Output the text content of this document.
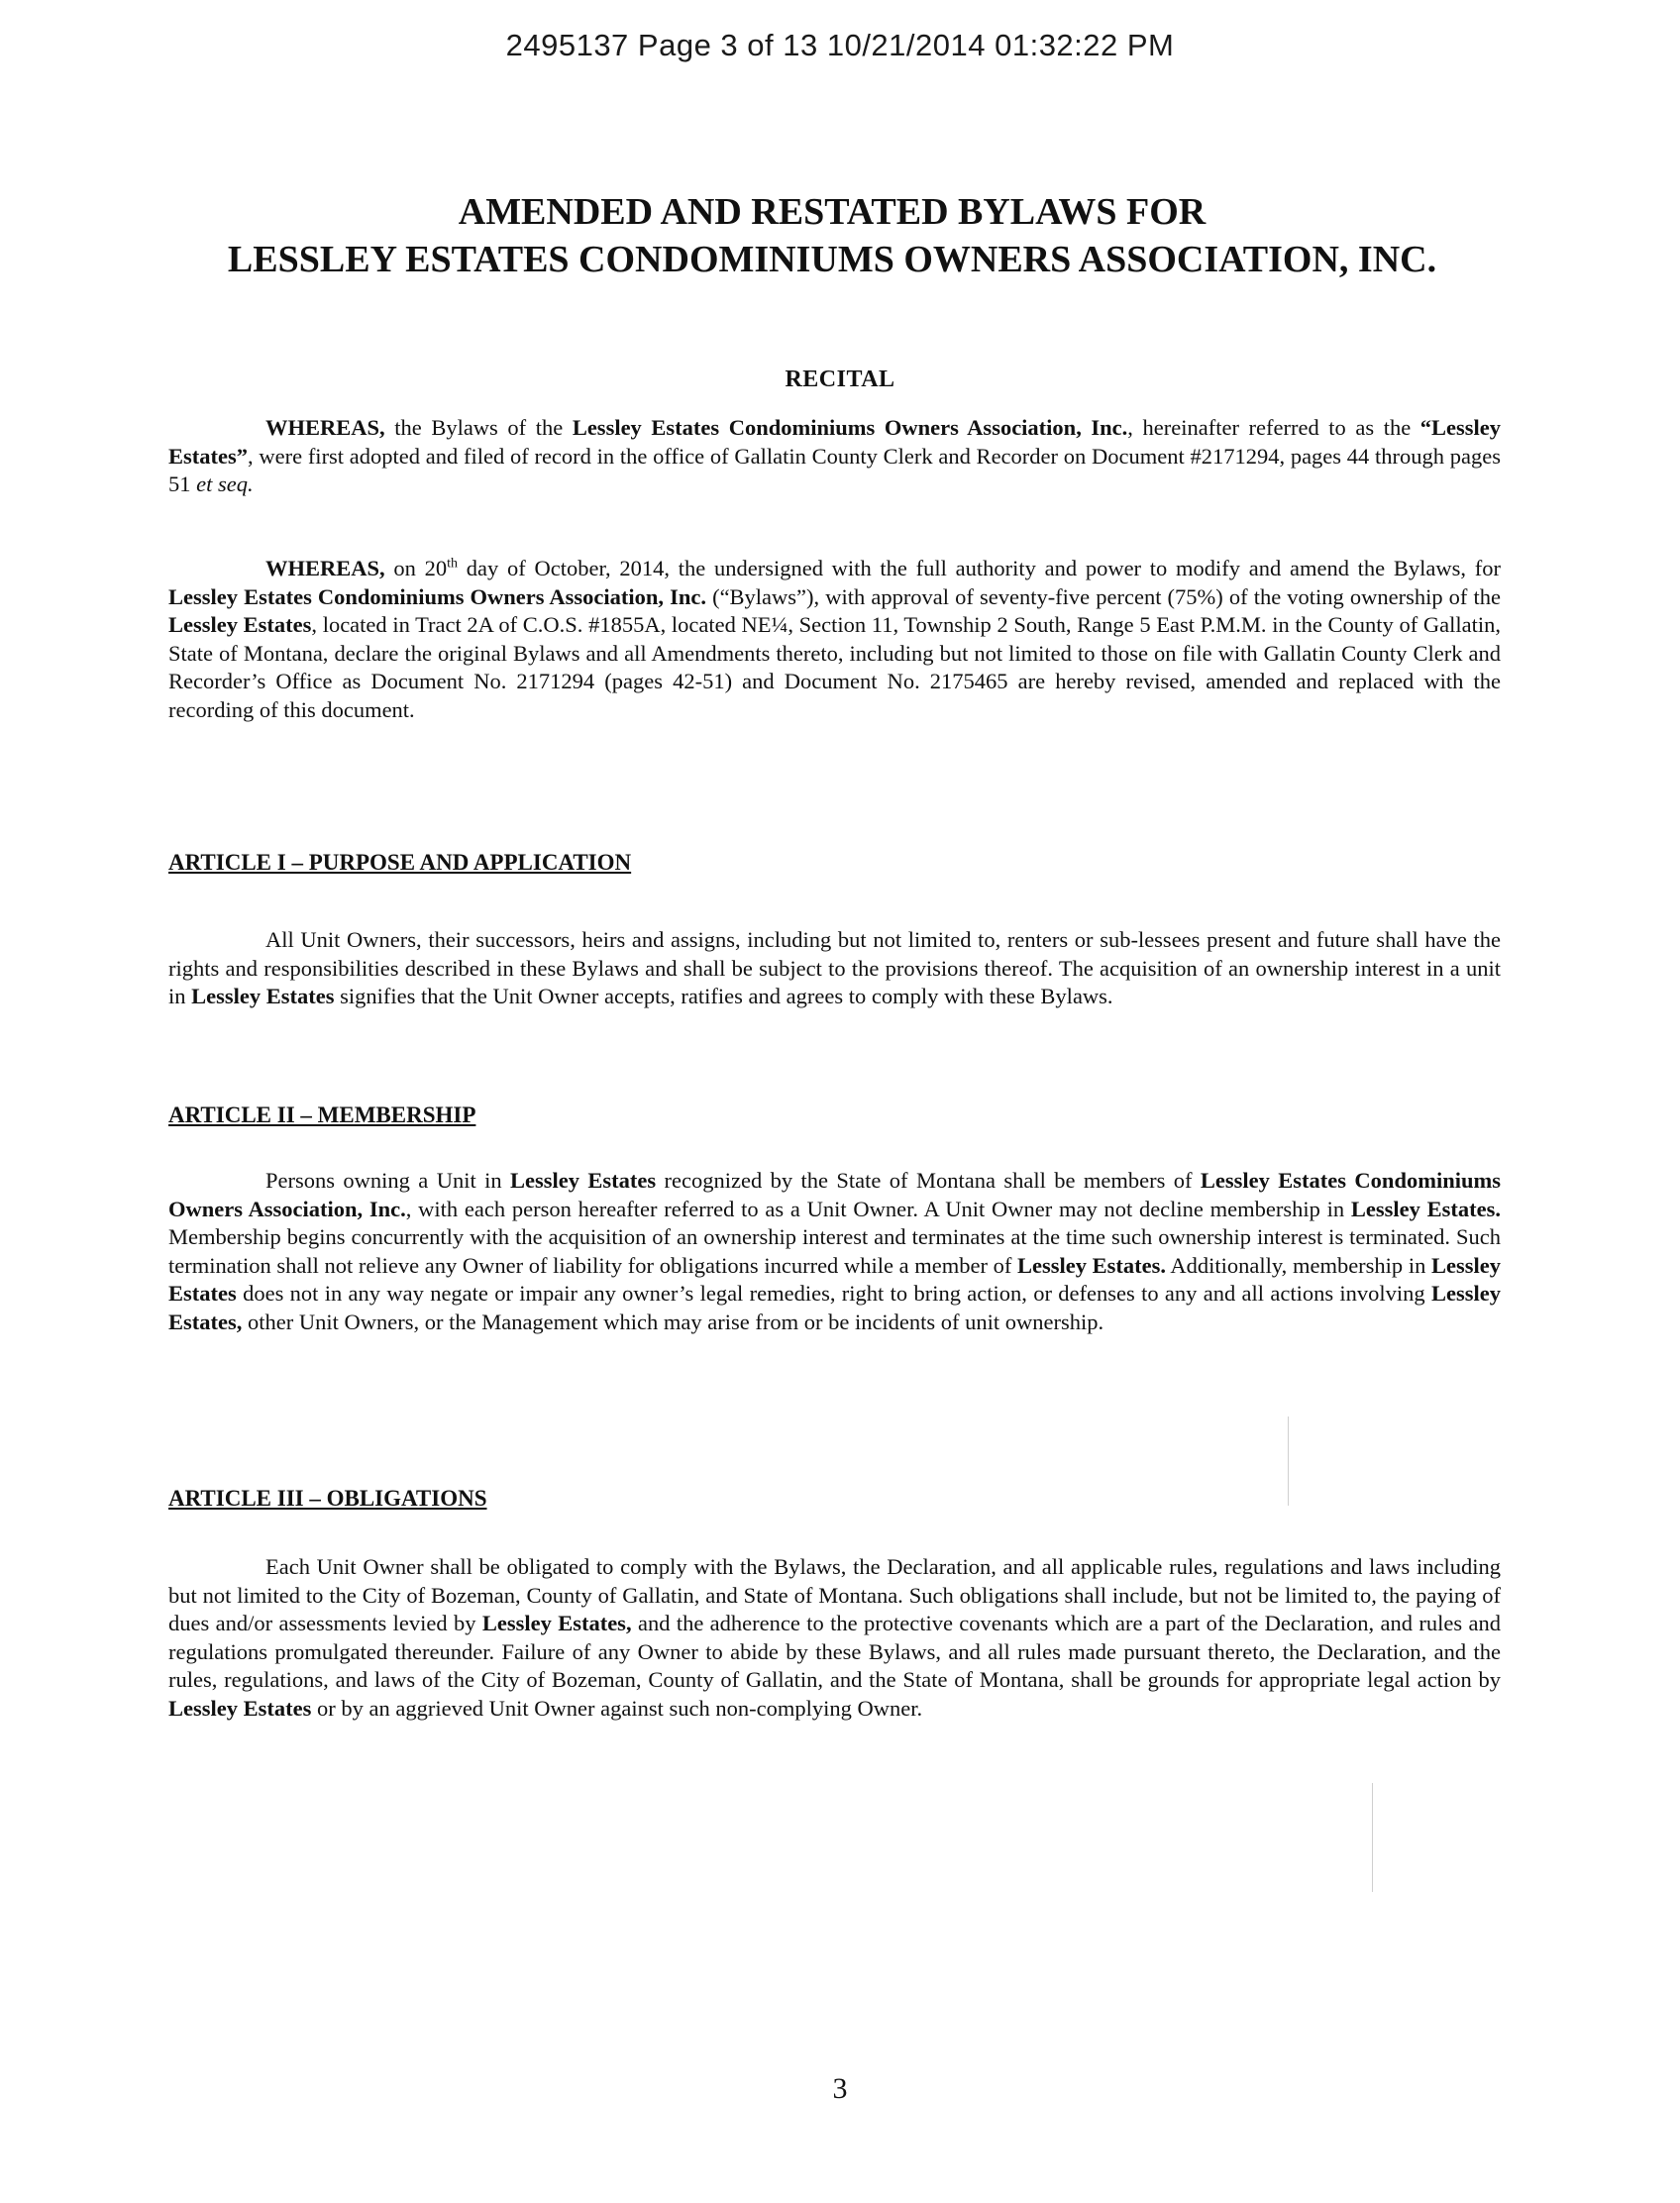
2495137 Page 3 of 13 10/21/2014 01:32:22 PM
AMENDED AND RESTATED BYLAWS FOR
LESSLEY ESTATES CONDOMINIUMS OWNERS ASSOCIATION, INC.
RECITAL

WHEREAS, the Bylaws of the Lessley Estates Condominiums Owners Association, Inc., hereinafter referred to as the “Lessley Estates”, were first adopted and filed of record in the office of Gallatin County Clerk and Recorder on Document #2171294, pages 44 through pages 51 et seq.

WHEREAS, on 20th day of October, 2014, the undersigned with the full authority and power to modify and amend the Bylaws, for Lessley Estates Condominiums Owners Association, Inc. (“Bylaws”), with approval of seventy-five percent (75%) of the voting ownership of the Lessley Estates, located in Tract 2A of C.O.S. #1855A, located NE¼, Section 11, Township 2 South, Range 5 East P.M.M. in the County of Gallatin, State of Montana, declare the original Bylaws and all Amendments thereto, including but not limited to those on file with Gallatin County Clerk and Recorder’s Office as Document No. 2171294 (pages 42-51) and Document No. 2175465 are hereby revised, amended and replaced with the recording of this document.

ARTICLE I – PURPOSE AND APPLICATION

All Unit Owners, their successors, heirs and assigns, including but not limited to, renters or sub-lessees present and future shall have the rights and responsibilities described in these Bylaws and shall be subject to the provisions thereof. The acquisition of an ownership interest in a unit in Lessley Estates signifies that the Unit Owner accepts, ratifies and agrees to comply with these Bylaws.

ARTICLE II – MEMBERSHIP

Persons owning a Unit in Lessley Estates recognized by the State of Montana shall be members of Lessley Estates Condominiums Owners Association, Inc., with each person hereafter referred to as a Unit Owner. A Unit Owner may not decline membership in Lessley Estates. Membership begins concurrently with the acquisition of an ownership interest and terminates at the time such ownership interest is terminated. Such termination shall not relieve any Owner of liability for obligations incurred while a member of Lessley Estates. Additionally, membership in Lessley Estates does not in any way negate or impair any owner’s legal remedies, right to bring action, or defenses to any and all actions involving Lessley Estates, other Unit Owners, or the Management which may arise from or be incidents of unit ownership.

ARTICLE III – OBLIGATIONS

Each Unit Owner shall be obligated to comply with the Bylaws, the Declaration, and all applicable rules, regulations and laws including but not limited to the City of Bozeman, County of Gallatin, and State of Montana. Such obligations shall include, but not be limited to, the paying of dues and/or assessments levied by Lessley Estates, and the adherence to the protective covenants which are a part of the Declaration, and rules and regulations promulgated thereunder. Failure of any Owner to abide by these Bylaws, and all rules made pursuant thereto, the Declaration, and the rules, regulations, and laws of the City of Bozeman, County of Gallatin, and the State of Montana, shall be grounds for appropriate legal action by Lessley Estates or by an aggrieved Unit Owner against such non-complying Owner.

3
